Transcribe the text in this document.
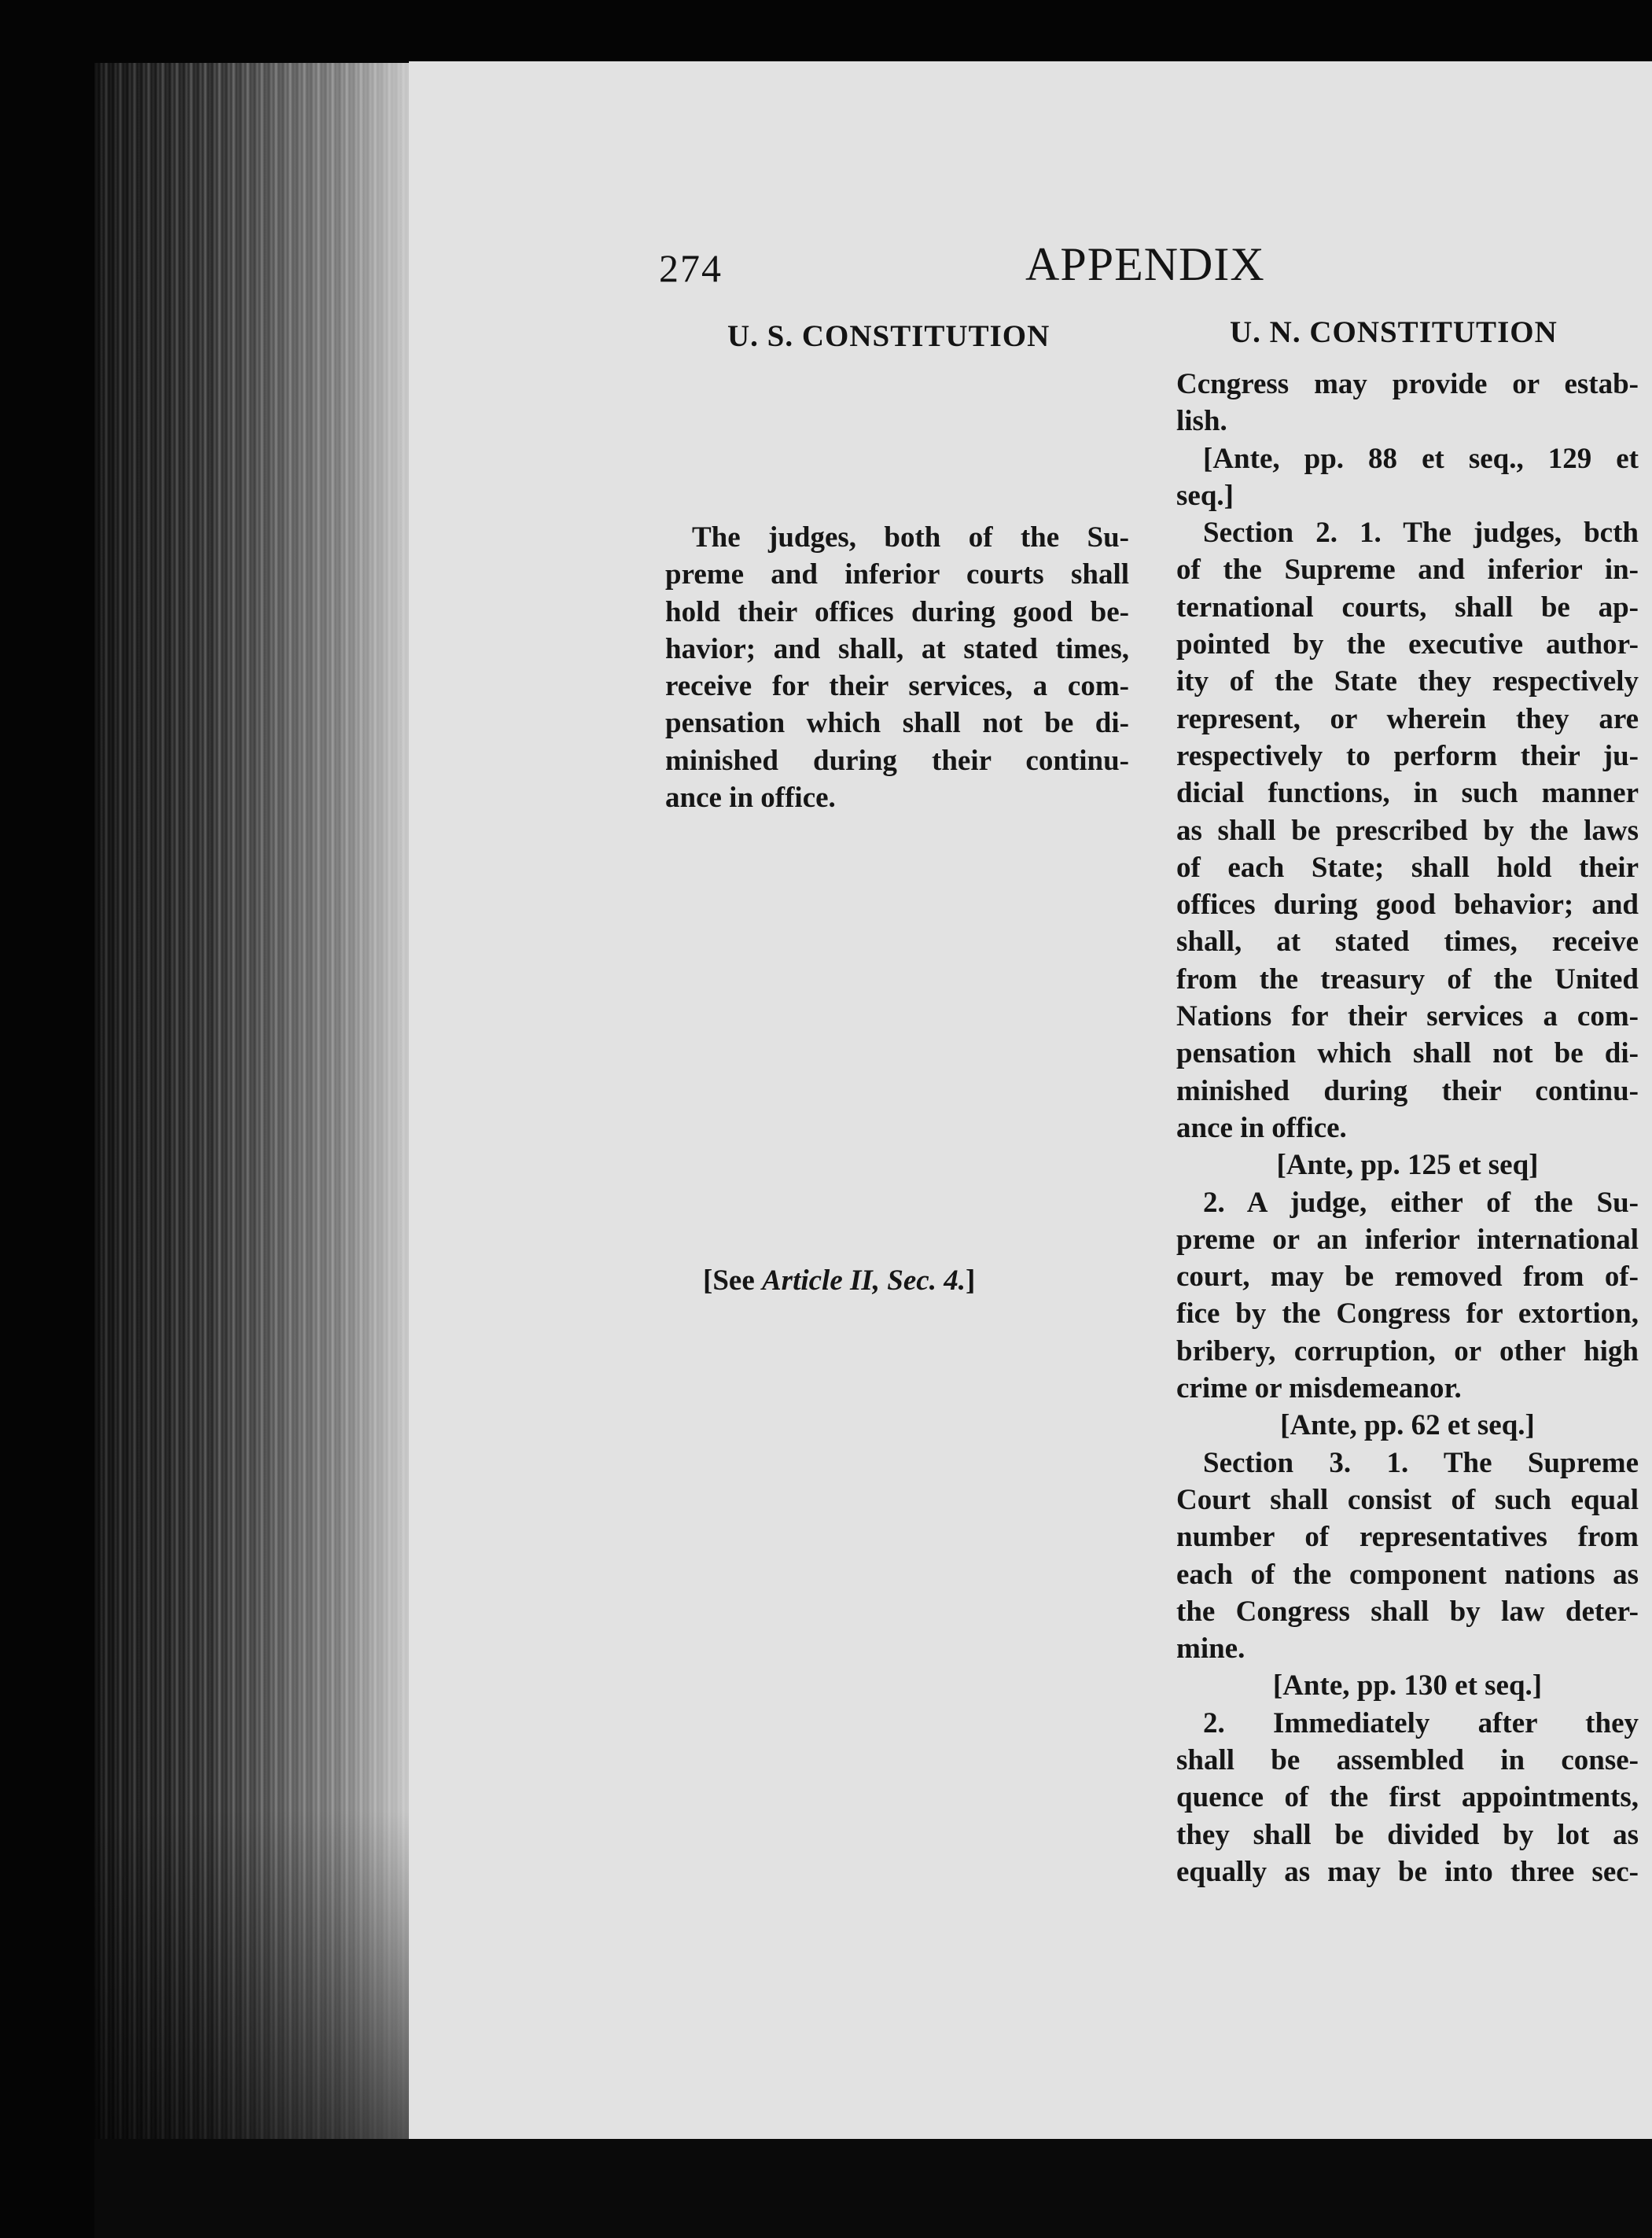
274	APPENDIX
U. S. CONSTITUTION	U. N. CONSTITUTION

The judges, both of the Su-

preme and inferior courts shall

hold their offices during good be-

havior; and shall, at stated times,

receive for their services, a com-

pensation which shall not be di-

minished during their continu-

ance in office.

[See Article II, Sec. 4.]

Ccngress may provide or estab-

lish.

[Ante, pp. 88 et seq., 129 et

seq.]

Section 2. 1. The judges, bcth

of the Supreme and inferior in-

ternational courts, shall be ap-

pointed by the executive author-

ity of the State they respectively

represent, or wherein they are

respectively to perform their ju-

dicial functions, in such manner

as shall be prescribed by the laws

of each State; shall hold their

offices during good behavior; and

shall, at stated times, receive

from the treasury of the United

Nations for their services a com-

pensation which shall not be di-

minished during their continu-

ance in office.

[Ante, pp. 125 et seq]

2. A judge, either of the Su-

preme or an inferior international

court, may be removed from of-

fice by the Congress for extortion,

bribery, corruption, or other high

crime or misdemeanor.

[Ante, pp. 62 et seq.]

Section 3. 1. The Supreme

Court shall consist of such equal

number of representatives from

each of the component nations as

the Congress shall by law deter-

mine.

[Ante, pp. 130 et seq.]

2. Immediately after they

shall be assembled in conse-

quence of the first appointments,

they shall be divided by lot as

equally as may be into three sec-
